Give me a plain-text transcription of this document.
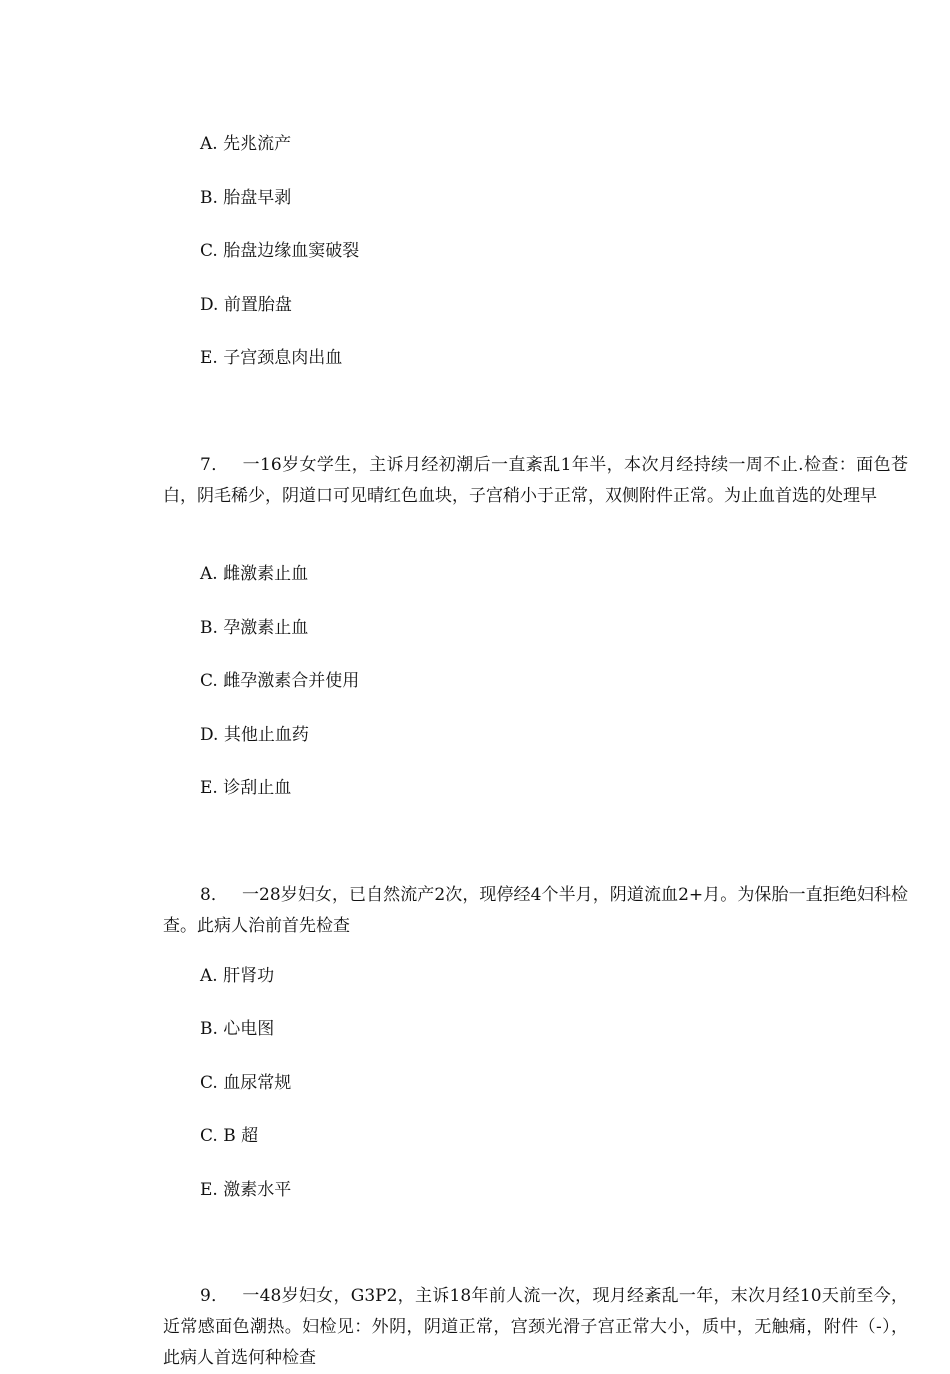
A. 先兆流产
B. 胎盘早剥
C. 胎盘边缘血窦破裂
D. 前置胎盘
E. 子宫颈息肉出血
7． 一16岁女学生，主诉月经初潮后一直紊乱1年半，本次月经持续一周不止.检查：面色苍白，阴毛稀少，阴道口可见晴红色血块，子宫稍小于正常，双侧附件正常。为止血首选的处理早
A. 雌激素止血
B. 孕激素止血
C. 雌孕激素合并使用
D. 其他止血药
E. 诊刮止血
8． 一28岁妇女，已自然流产2次，现停经4个半月，阴道流血2+月。为保胎一直拒绝妇科检查。此病人治前首先检查
A. 肝肾功
B. 心电图
C. 血尿常规
C. B 超
E. 激素水平
9． 一48岁妇女，G3P2，主诉18年前人流一次，现月经紊乱一年，末次月经10天前至今，近常感面色潮热。妇检见：外阴，阴道正常，宫颈光滑子宫正常大小，质中，无触痛，附件（-），此病人首选何种检查
